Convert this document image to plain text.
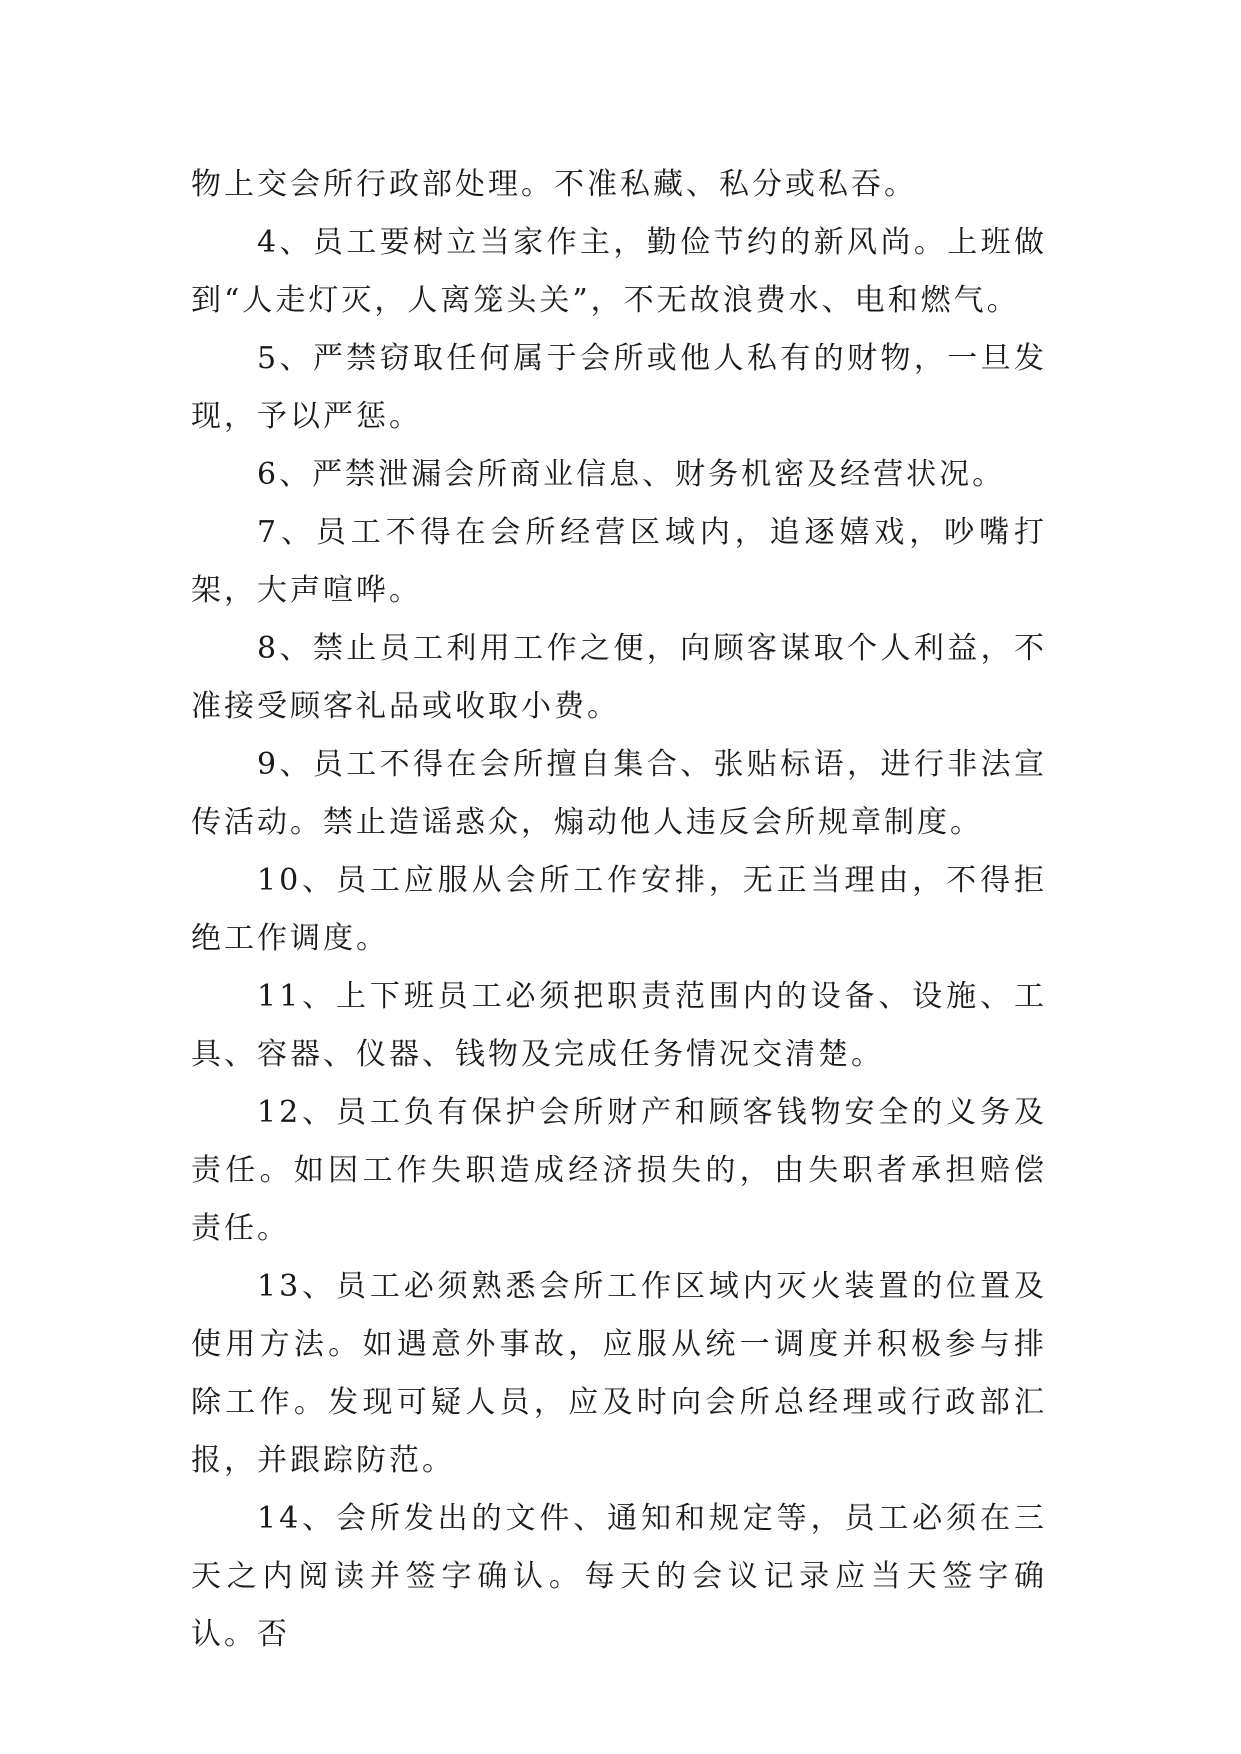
物上交会所行政部处理。不准私藏、私分或私吞。

4、员工要树立当家作主，勤俭节约的新风尚。上班做到“人走灯灭，人离笼头关”，不无故浪费水、电和燃气。

5、严禁窃取任何属于会所或他人私有的财物，一旦发现，予以严惩。

6、严禁泄漏会所商业信息、财务机密及经营状况。

7、员工不得在会所经营区域内，追逐嬉戏，吵嘴打架，大声喧哗。

8、禁止员工利用工作之便，向顾客谋取个人利益，不准接受顾客礼品或收取小费。

9、员工不得在会所擅自集合、张贴标语，进行非法宣传活动。禁止造谣惑众，煽动他人违反会所规章制度。

10、员工应服从会所工作安排，无正当理由，不得拒绝工作调度。

11、上下班员工必须把职责范围内的设备、设施、工具、容器、仪器、钱物及完成任务情况交清楚。

12、员工负有保护会所财产和顾客钱物安全的义务及责任。如因工作失职造成经济损失的，由失职者承担赔偿责任。

13、员工必须熟悉会所工作区域内灭火装置的位置及使用方法。如遇意外事故，应服从统一调度并积极参与排除工作。发现可疑人员，应及时向会所总经理或行政部汇报，并跟踪防范。

14、会所发出的文件、通知和规定等，员工必须在三天之内阅读并签字确认。每天的会议记录应当天签字确认。否
